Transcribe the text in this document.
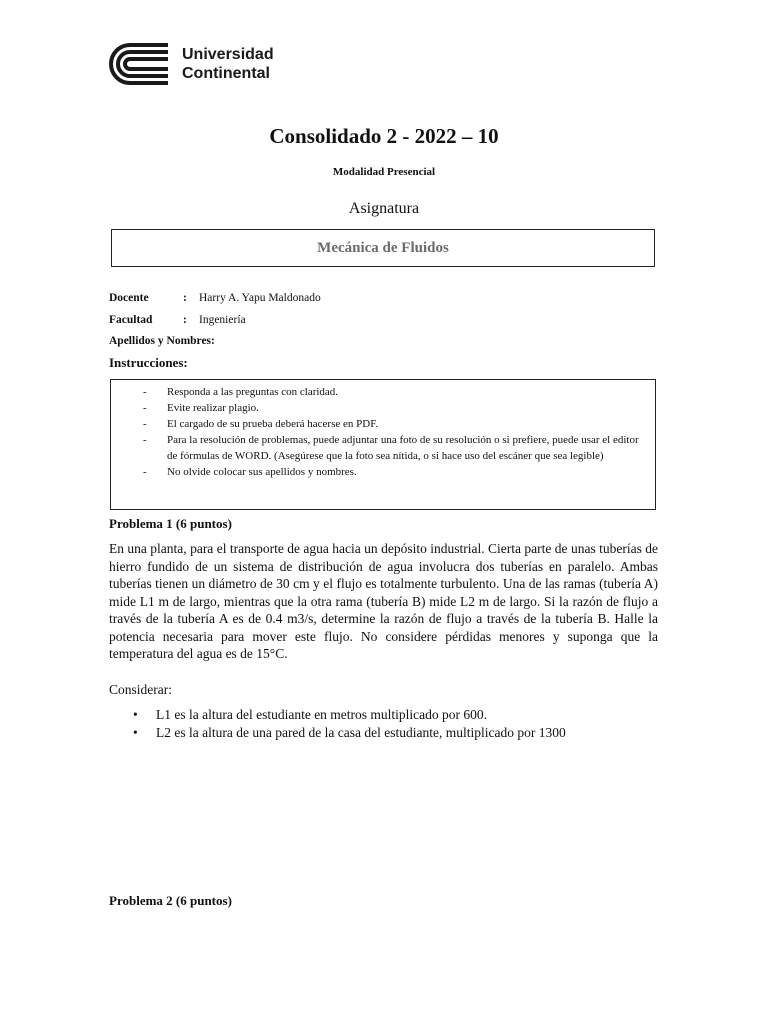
Universidad
Continental
Consolidado 2 - 2022 – 10
Modalidad Presencial
Asignatura
Mecánica de Fluidos
Docente	:	Harry A. Yapu Maldonado
Facultad	:	Ingeniería
Apellidos y Nombres:
Instrucciones:
- Responda a las preguntas con claridad.
- Evite realizar plagio.
- El cargado de su prueba deberá hacerse en PDF.
- Para la resolución de problemas, puede adjuntar una foto de su resolución o si prefiere, puede usar el editor de fórmulas de WORD. (Asegúrese que la foto sea nítida, o si hace uso del escáner que sea legible)
- No olvide colocar sus apellidos y nombres.
Problema 1 (6 puntos)
En una planta, para el transporte de agua hacia un depósito industrial. Cierta parte de unas tuberías de hierro fundido de un sistema de distribución de agua involucra dos tuberías en paralelo. Ambas tuberías tienen un diámetro de 30 cm y el flujo es totalmente turbulento. Una de las ramas (tubería A) mide L1 m de largo, mientras que la otra rama (tubería B) mide L2 m de largo. Si la razón de flujo a través de la tubería A es de 0.4 m3/s, determine la razón de flujo a través de la tubería B. Halle la potencia necesaria para mover este flujo. No considere pérdidas menores y suponga que la temperatura del agua es de 15°C.
Considerar:
• L1 es la altura del estudiante en metros multiplicado por 600.
• L2 es la altura de una pared de la casa del estudiante, multiplicado por 1300
Problema 2 (6 puntos)
